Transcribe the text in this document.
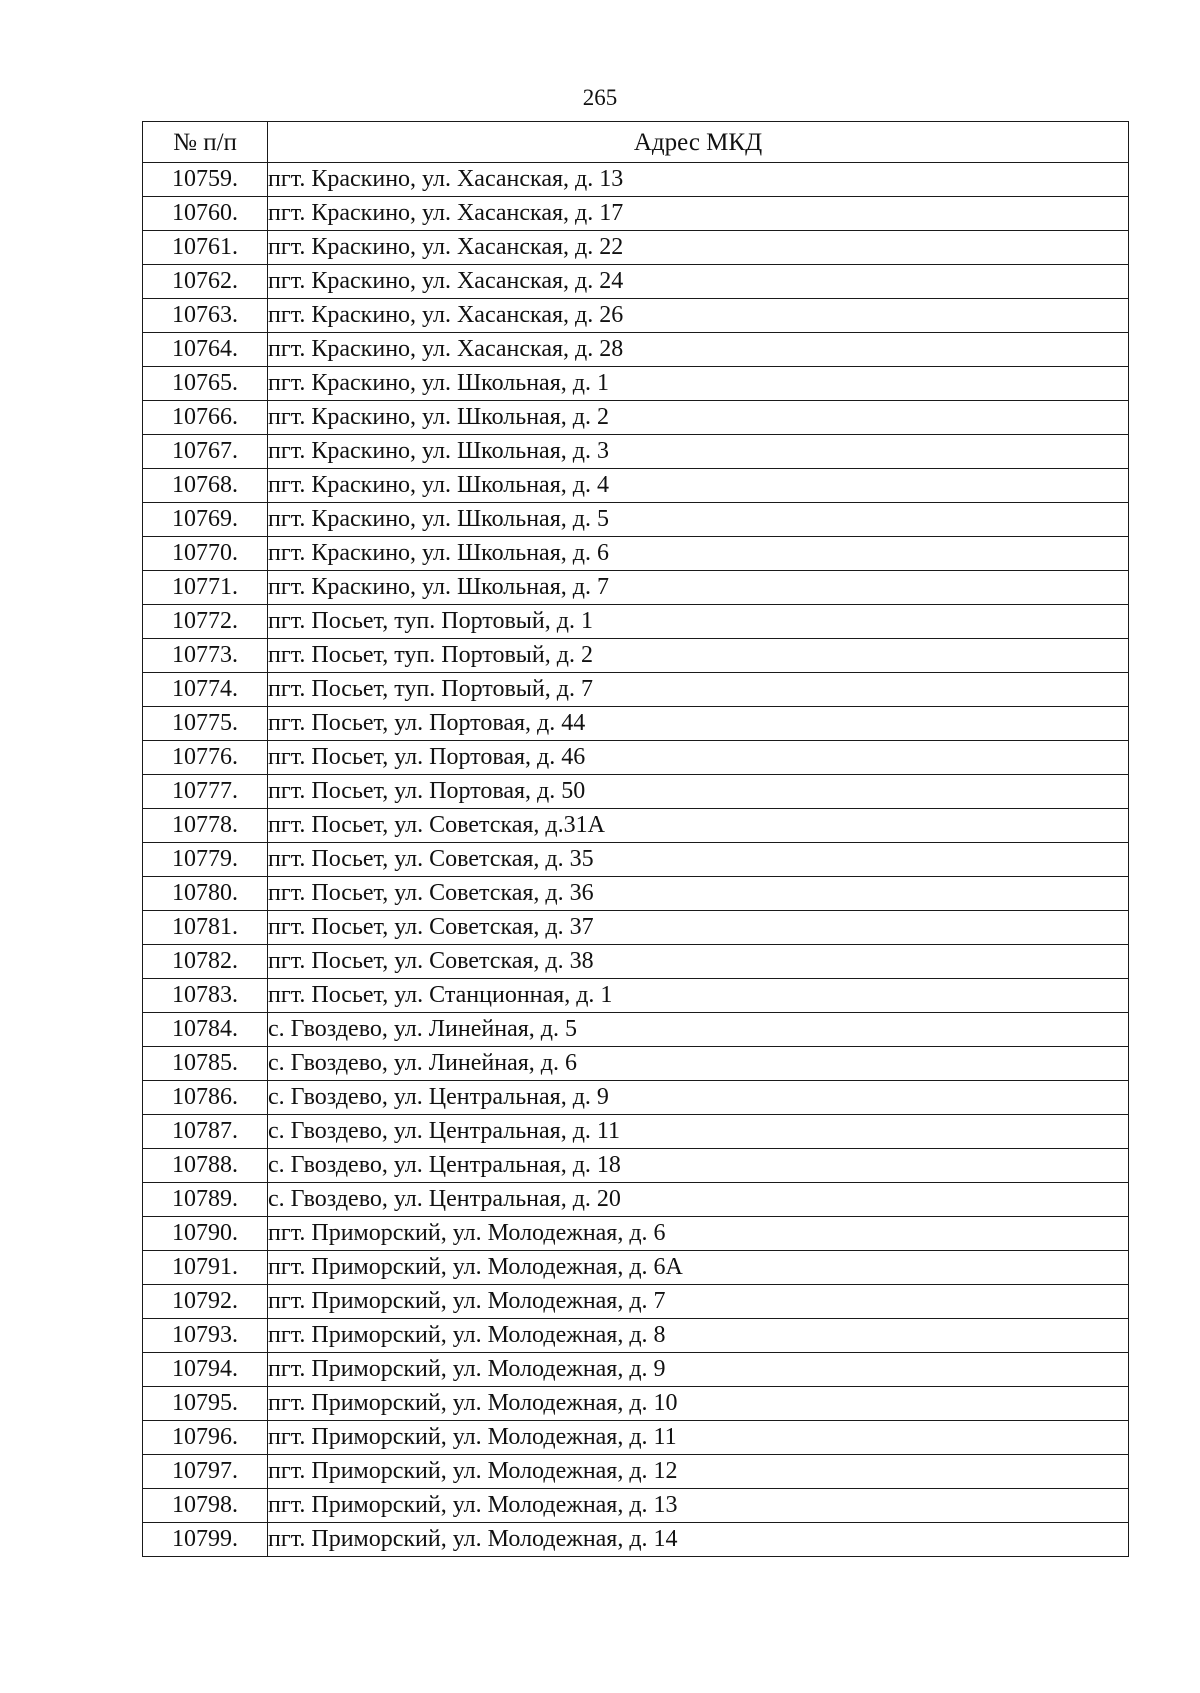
265
№ п/п	Адрес МКД
10759.	пгт. Краскино, ул. Хасанская, д. 13
10760.	пгт. Краскино, ул. Хасанская, д. 17
10761.	пгт. Краскино, ул. Хасанская, д. 22
10762.	пгт. Краскино, ул. Хасанская, д. 24
10763.	пгт. Краскино, ул. Хасанская, д. 26
10764.	пгт. Краскино, ул. Хасанская, д. 28
10765.	пгт. Краскино, ул. Школьная, д. 1
10766.	пгт. Краскино, ул. Школьная, д. 2
10767.	пгт. Краскино, ул. Школьная, д. 3
10768.	пгт. Краскино, ул. Школьная, д. 4
10769.	пгт. Краскино, ул. Школьная, д. 5
10770.	пгт. Краскино, ул. Школьная, д. 6
10771.	пгт. Краскино, ул. Школьная, д. 7
10772.	пгт. Посьет, туп. Портовый, д. 1
10773.	пгт. Посьет, туп. Портовый, д. 2
10774.	пгт. Посьет, туп. Портовый, д. 7
10775.	пгт. Посьет, ул. Портовая, д. 44
10776.	пгт. Посьет, ул. Портовая, д. 46
10777.	пгт. Посьет, ул. Портовая, д. 50
10778.	пгт. Посьет, ул. Советская, д.31А
10779.	пгт. Посьет, ул. Советская, д. 35
10780.	пгт. Посьет, ул. Советская, д. 36
10781.	пгт. Посьет, ул. Советская, д. 37
10782.	пгт. Посьет, ул. Советская, д. 38
10783.	пгт. Посьет, ул. Станционная, д. 1
10784.	с. Гвоздево, ул. Линейная, д. 5
10785.	с. Гвоздево, ул. Линейная, д. 6
10786.	с. Гвоздево, ул. Центральная, д. 9
10787.	с. Гвоздево, ул. Центральная, д. 11
10788.	с. Гвоздево, ул. Центральная, д. 18
10789.	с. Гвоздево, ул. Центральная, д. 20
10790.	пгт. Приморский, ул. Молодежная, д. 6
10791.	пгт. Приморский, ул. Молодежная, д. 6А
10792.	пгт. Приморский, ул. Молодежная, д. 7
10793.	пгт. Приморский, ул. Молодежная, д. 8
10794.	пгт. Приморский, ул. Молодежная, д. 9
10795.	пгт. Приморский, ул. Молодежная, д. 10
10796.	пгт. Приморский, ул. Молодежная, д. 11
10797.	пгт. Приморский, ул. Молодежная, д. 12
10798.	пгт. Приморский, ул. Молодежная, д. 13
10799.	пгт. Приморский, ул. Молодежная, д. 14
